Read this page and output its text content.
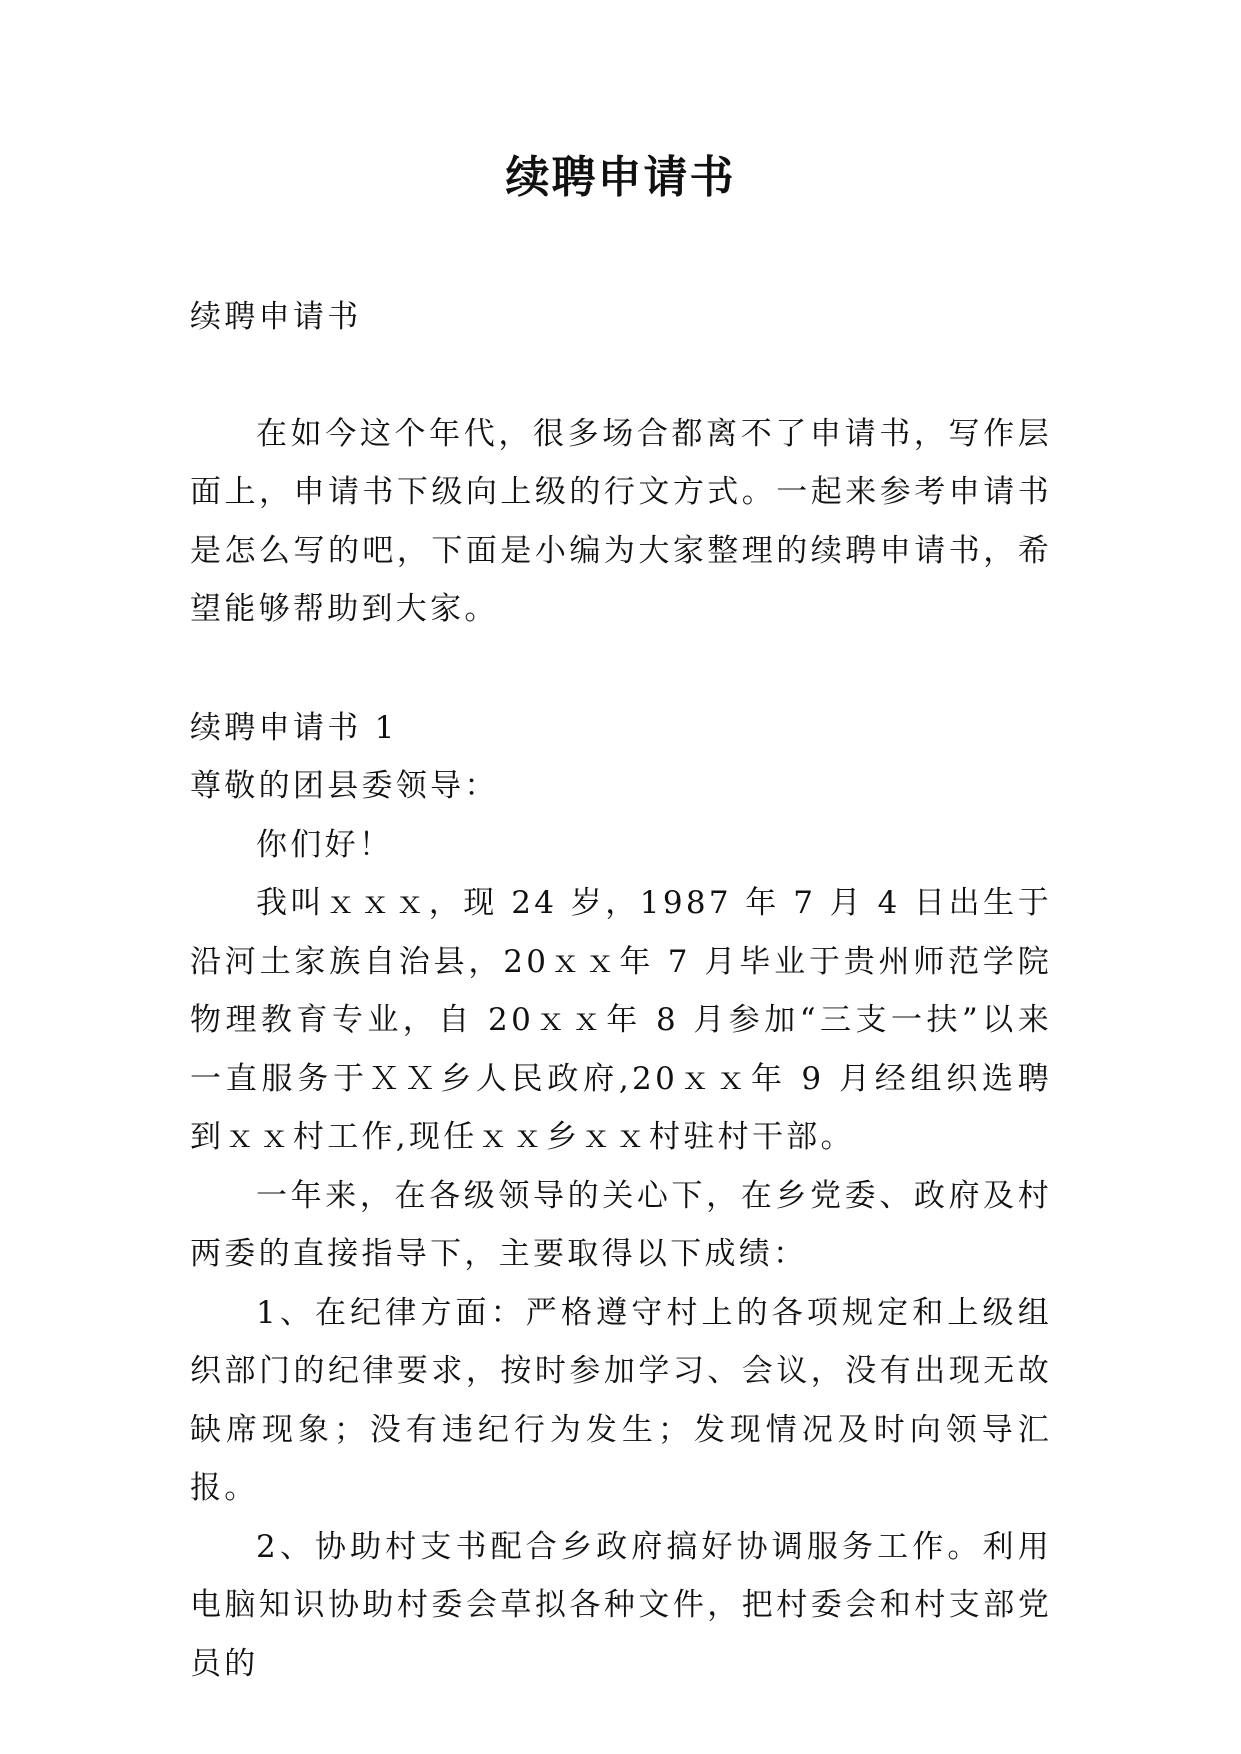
续聘申请书

续聘申请书

在如今这个年代，很多场合都离不了申请书，写作层面上，申请书下级向上级的行文方式。一起来参考申请书是怎么写的吧，下面是小编为大家整理的续聘申请书，希望能够帮助到大家。

续聘申请书 1

尊敬的团县委领导：

你们好！

我叫ｘｘｘ，现 24 岁，1987 年 7 月 4 日出生于沿河土家族自治县，20ｘｘ年 7 月毕业于贵州师范学院物理教育专业，自 20ｘｘ年 8 月参加“三支一扶”以来一直服务于ＸＸ乡人民政府,20ｘｘ年 9 月经组织选聘到ｘｘ村工作,现任ｘｘ乡ｘｘ村驻村干部。

一年来，在各级领导的关心下，在乡党委、政府及村两委的直接指导下，主要取得以下成绩：

1、在纪律方面：严格遵守村上的各项规定和上级组织部门的纪律要求，按时参加学习、会议，没有出现无故缺席现象；没有违纪行为发生；发现情况及时向领导汇报。

2、协助村支书配合乡政府搞好协调服务工作。利用电脑知识协助村委会草拟各种文件，把村委会和村支部党员的
